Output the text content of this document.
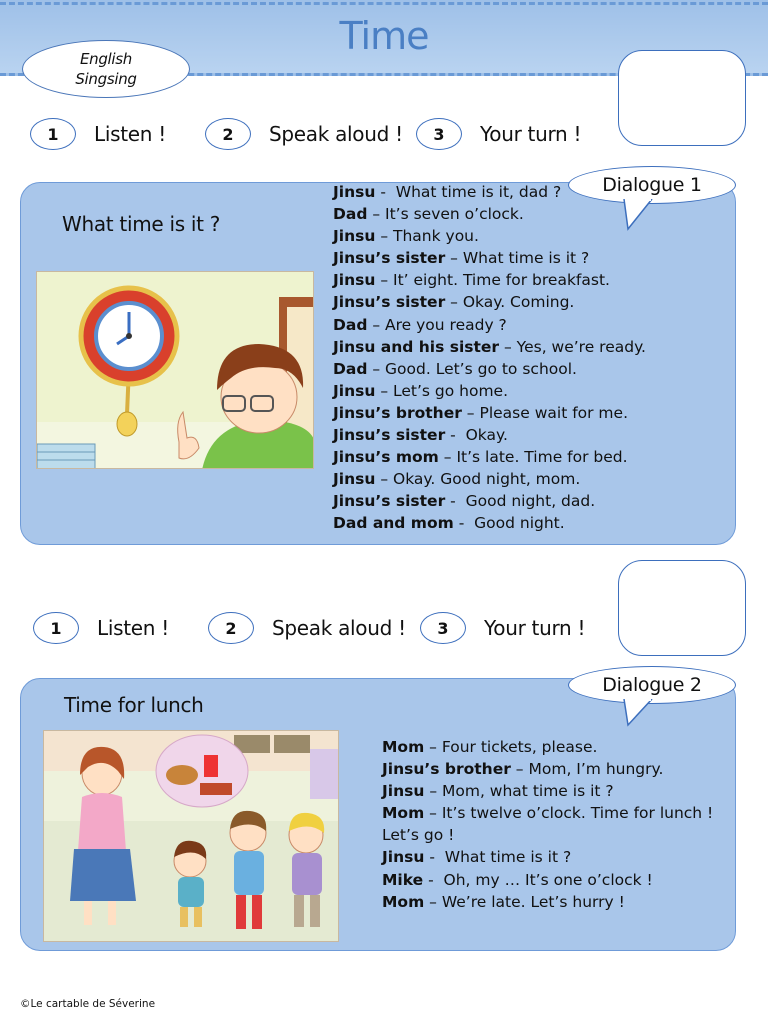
Time
English
Singsing
1	Listen !	2	Speak aloud !	3	Your turn !
What time is it ?
Jinsu -  What time is it, dad ?
Dad – It’s seven o’clock.
Jinsu – Thank you.
Jinsu’s sister – What time is it ?
Jinsu – It’ eight. Time for breakfast.
Jinsu’s sister – Okay. Coming.
Dad – Are you ready ?
Jinsu and his sister – Yes, we’re ready.
Dad – Good. Let’s go to school.
Jinsu – Let’s go home.
Jinsu’s brother – Please wait for me.
Jinsu’s sister -  Okay.
Jinsu’s mom – It’s late. Time for bed.
Jinsu – Okay. Good night, mom.
Jinsu’s sister -  Good night, dad.
Dad and mom -  Good night.
Dialogue 1
1	Listen !	2	Speak aloud !	3	Your turn !
Time for lunch
Mom – Four tickets, please.
Jinsu’s brother – Mom, I’m hungry.
Jinsu – Mom, what time is it ?
Mom – It’s twelve o’clock. Time for lunch !
Let’s go !
Jinsu -  What time is it ?
Mike -  Oh, my … It’s one o’clock !
Mom – We’re late. Let’s hurry !
Dialogue 2
©Le cartable de Séverine
